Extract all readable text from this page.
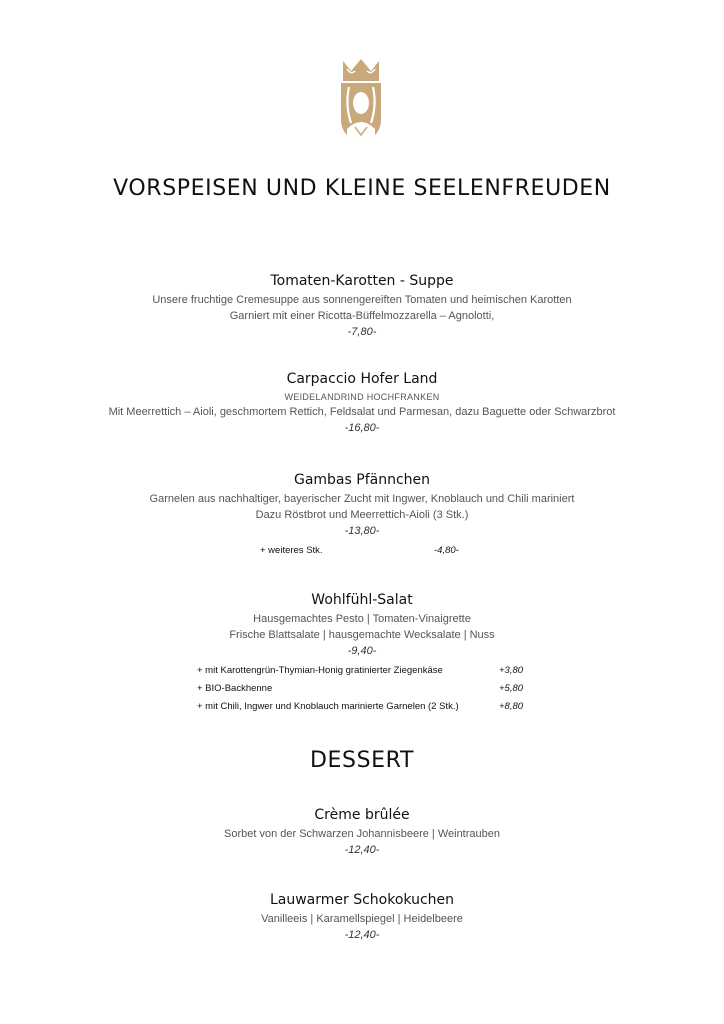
VORSPEISEN UND KLEINE SEELENFREUDEN
Tomaten-Karotten - Suppe
Unsere fruchtige Cremesuppe aus sonnengereiften Tomaten und heimischen Karotten
Garniert mit einer Ricotta-Büffelmozzarella – Agnolotti,
-7,80-
Carpaccio Hofer Land
WEIDELANDRIND HOCHFRANKEN
Mit Meerrettich – Aioli, geschmortem Rettich, Feldsalat und Parmesan, dazu Baguette oder Schwarzbrot
-16,80-
Gambas Pfännchen
Garnelen aus nachhaltiger, bayerischer Zucht mit Ingwer, Knoblauch und Chili mariniert
Dazu Röstbrot und Meerrettich-Aioli (3 Stk.)
-13,80-
+ weiteres Stk.	-4,80-
Wohlfühl-Salat
Hausgemachtes Pesto | Tomaten-Vinaigrette
Frische Blattsalate | hausgemachte Wecksalate | Nuss
-9,40-
+ mit Karottengrün-Thymian-Honig gratinierter Ziegenkäse	+3,80
+ BIO-Backhenne	+5,80
+ mit Chili, Ingwer und Knoblauch marinierte Garnelen (2 Stk.)	+8,80
DESSERT
Crème brûlée
Sorbet von der Schwarzen Johannisbeere | Weintrauben
-12,40-
Lauwarmer Schokokuchen
Vanilleeis | Karamellspiegel | Heidelbeere
-12,40-
